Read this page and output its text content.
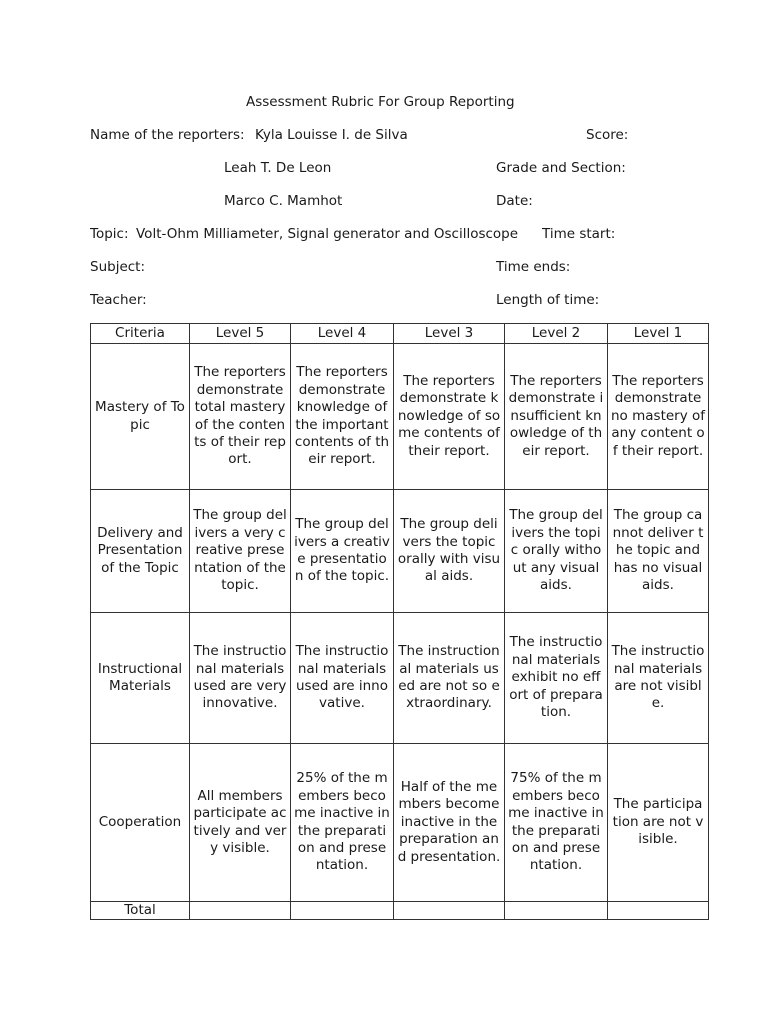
Assessment Rubric For Group Reporting
Name of the reporters: Kyla Louisse I. de Silva	Score:
Leah T. De Leon	Grade and Section:
Marco C. Mamhot	Date:
Topic: Volt-Ohm Milliameter, Signal generator and Oscilloscope Time start:
Subject:	Time ends:
Teacher:	Length of time:
Criteria	Level 5	Level 4	Level 3	Level 2	Level 1
Mastery of Topic	The reporters demonstrate total mastery of the contents of their report.	The reporters demonstrate knowledge of the important contents of their report.	The reporters demonstrate knowledge of some contents of their report.	The reporters demonstrate insufficient knowledge of their report.	The reporters demonstrate no mastery of any content of their report.
Delivery and Presentation of the Topic	The group delivers a very creative presentation of the topic.	The group delivers a creative presentation of the topic.	The group delivers the topic orally with visual aids.	The group delivers the topic orally without any visual aids.	The group cannot deliver the topic and has no visual aids.
Instructional Materials	The instructional materials used are very innovative.	The instructional materials used are innovative.	The instructional materials used are not so extraordinary.	The instructional materials exhibit no effort of preparation.	The instructional materials are not visible.
Cooperation	All members participate actively and very visible.	25% of the members become inactive in the preparation and presentation.	Half of the members become inactive in the preparation and presentation.	75% of the members become inactive in the preparation and presentation.	The participation are not visible.
Total					
